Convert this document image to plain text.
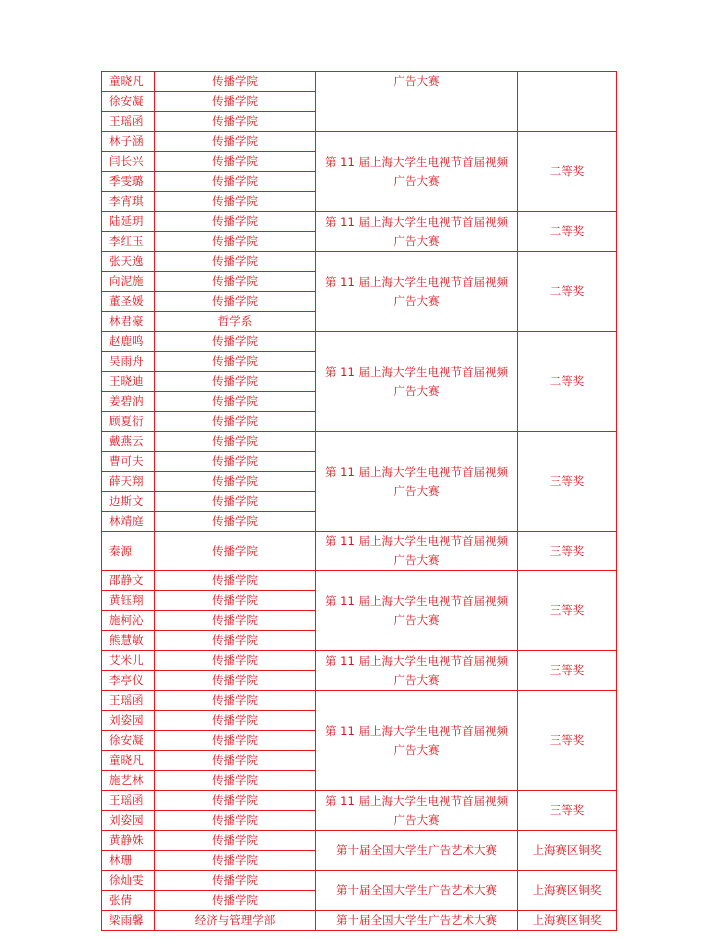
童晓凡	传播学院	广告大赛	
徐安凝	传播学院		
王瑶函	传播学院		
林子涵	传播学院	第 11 届上海大学生电视节首届视频广告大赛	二等奖
闫长兴	传播学院		
季雯璐	传播学院		
李宵琪	传播学院		
陆延玥	传播学院	第 11 届上海大学生电视节首届视频广告大赛	二等奖
李红玉	传播学院		
张天逸	传播学院	第 11 届上海大学生电视节首届视频广告大赛	二等奖
向泥施	传播学院		
董圣媛	传播学院		
林君豪	哲学系		
赵鹿鸣	传播学院	第 11 届上海大学生电视节首届视频广告大赛	二等奖
吴雨舟	传播学院		
王晓迪	传播学院		
姜碧汭	传播学院		
顾夏衍	传播学院		
戴燕云	传播学院	第 11 届上海大学生电视节首届视频广告大赛	三等奖
曹可夫	传播学院		
薛天翔	传播学院		
边斯文	传播学院		
林靖庭	传播学院		
秦源	传播学院	第 11 届上海大学生电视节首届视频广告大赛	三等奖
邵静文	传播学院	第 11 届上海大学生电视节首届视频广告大赛	三等奖
黄钰翔	传播学院		
施柯沁	传播学院		
熊慧敏	传播学院		
艾米儿	传播学院	第 11 届上海大学生电视节首届视频广告大赛	三等奖
李亭仪	传播学院		
王瑶函	传播学院	第 11 届上海大学生电视节首届视频广告大赛	三等奖
刘姿园	传播学院		
徐安凝	传播学院		
童晓凡	传播学院		
施艺林	传播学院		
王瑶函	传播学院	第 11 届上海大学生电视节首届视频广告大赛	三等奖
刘姿园	传播学院		
黄静姝	传播学院	第十届全国大学生广告艺术大赛	上海赛区铜奖
林珊	传播学院		
徐灿雯	传播学院	第十届全国大学生广告艺术大赛	上海赛区铜奖
张倩	传播学院		
梁雨馨	经济与管理学部	第十届全国大学生广告艺术大赛	上海赛区铜奖
